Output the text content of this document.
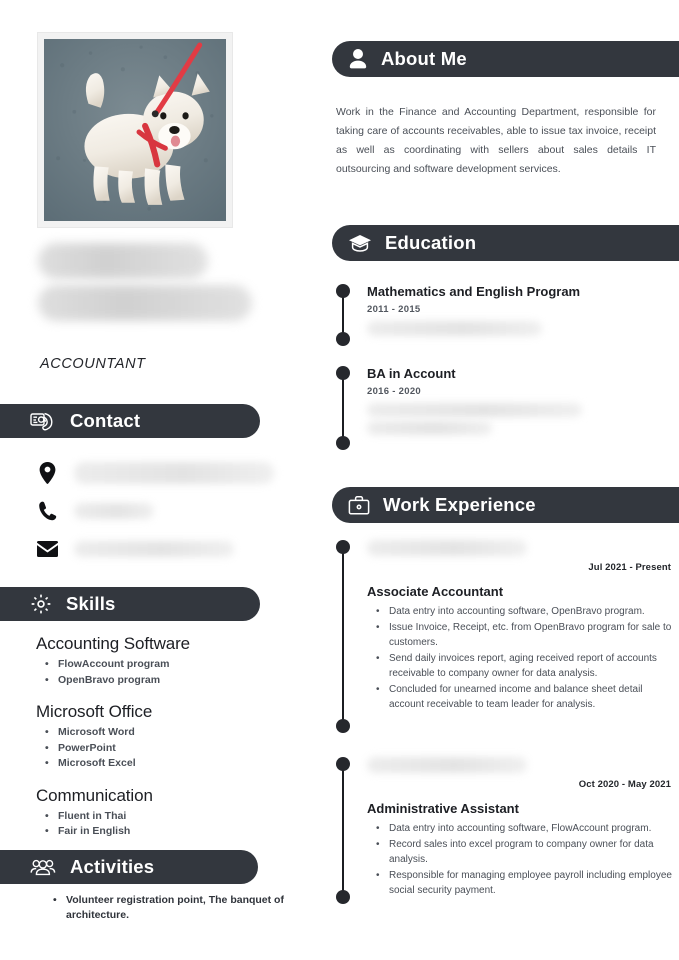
ACCOUNTANT
Contact
Skills
Accounting Software
• FlowAccount program
• OpenBravo program
Microsoft Office
• Microsoft Word
• PowerPoint
• Microsoft Excel
Communication
• Fluent in Thai
• Fair in English
Activities
• Volunteer registration point, The banquet of architecture.
About Me
Work in the Finance and Accounting Department, responsible for taking care of accounts receivables, able to issue tax invoice, receipt as well as coordinating with sellers about sales details IT outsourcing and software development services.
Education
Mathematics and English Program
2011 - 2015
BA in Account
2016 - 2020
Work Experience
Jul 2021 - Present
Associate Accountant
• Data entry into accounting software, OpenBravo program.
• Issue Invoice, Receipt, etc. from OpenBravo program for sale to customers.
• Send daily invoices report, aging received report of accounts receivable to company owner for data analysis.
• Concluded for unearned income and balance sheet detail account receivable to team leader for analysis.
Oct 2020 - May 2021
Administrative Assistant
• Data entry into accounting software, FlowAccount program.
• Record sales into excel program to company owner for data analysis.
• Responsible for managing employee payroll including employee social security payment.
